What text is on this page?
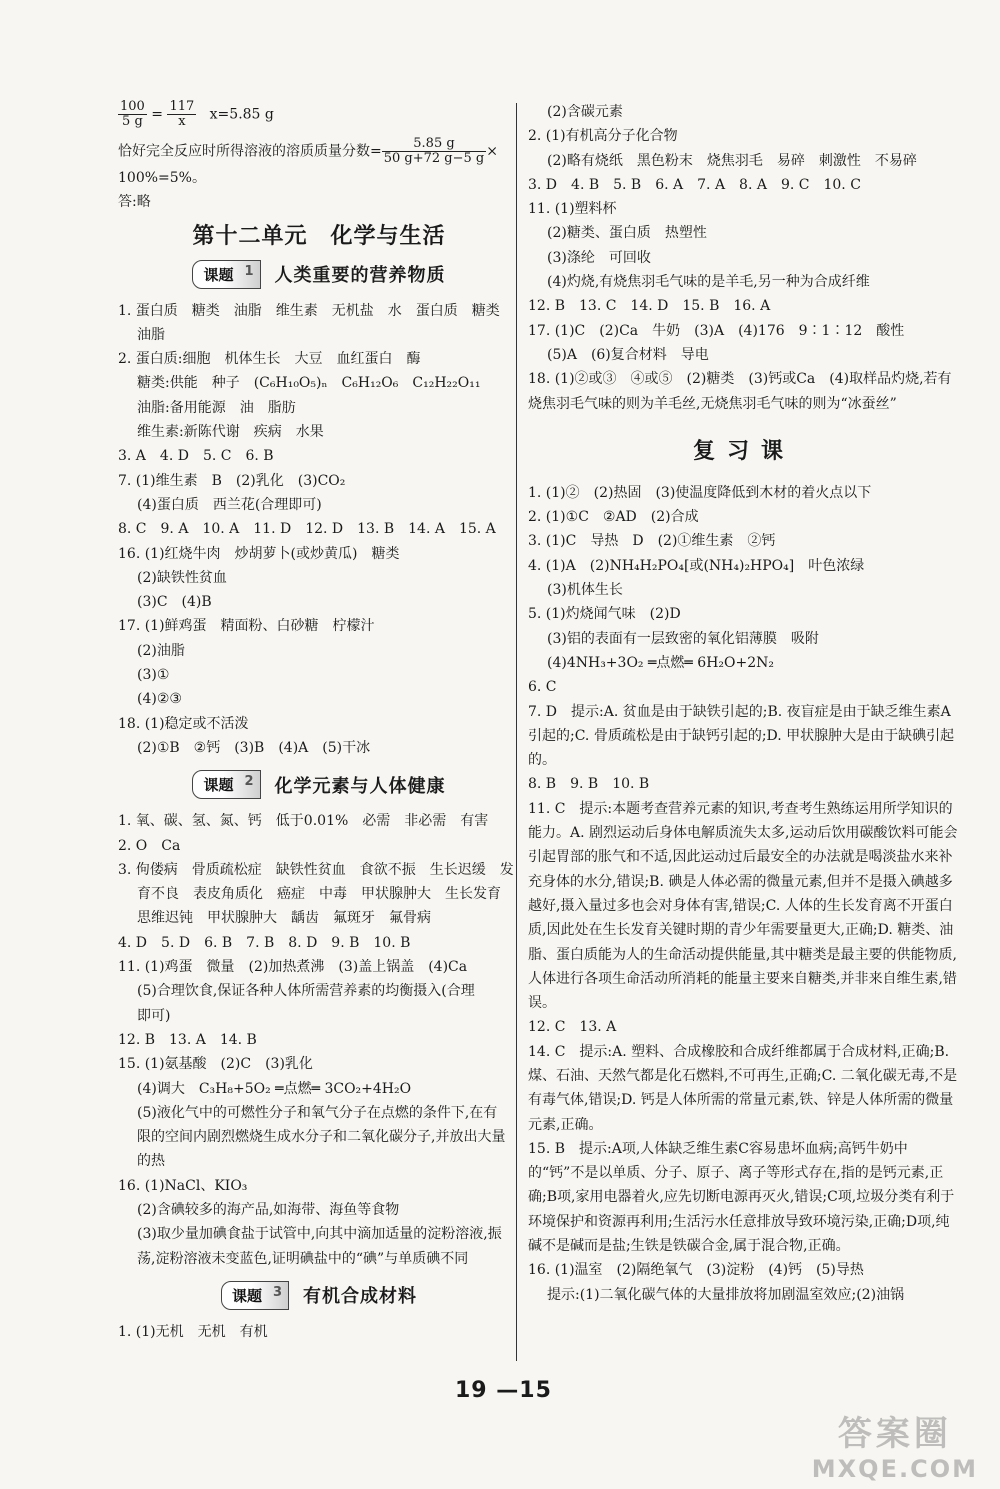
$\frac{100}{5 g} = \frac{117}{x} x=5.85$ g
恰好完全反应时所得溶液的溶质质量分数= $\frac{5.85 g}{50 g+72 g-5 g}$ ×
100%=5%。
答:略
第十二单元　化学与生活
课题 1 人类重要的营养物质
1. 蛋白质　糖类　油脂　维生素　无机盐　水　蛋白质　糖类
油脂
2. 蛋白质:细胞　机体生长　大豆　血红蛋白　酶
糖类:供能　种子　(C₆H₁₀O₅)ₙ　C₆H₁₂O₆　C₁₂H₂₂O₁₁
油脂:备用能源　油　脂肪
维生素:新陈代谢　疾病　水果
3. A　4. D　5. C　6. B
7. (1)维生素　B　(2)乳化　(3)CO₂
(4)蛋白质　西兰花(合理即可)
8. C　9. A　10. A　11. D　12. D　13. B　14. A　15. A
16. (1)红烧牛肉　炒胡萝卜(或炒黄瓜)　糖类
(2)缺铁性贫血
(3)C　(4)B
17. (1)鲜鸡蛋　精面粉、白砂糖　柠檬汁
(2)油脂
(3)①
(4)②③
18. (1)稳定或不活泼
(2)①B　②钙　(3)B　(4)A　(5)干冰
课题 2 化学元素与人体健康
1. 氧、碳、氢、氮、钙　低于0.01%　必需　非必需　有害
2. O　Ca
3. 佝偻病　骨质疏松症　缺铁性贫血　食欲不振　生长迟缓　发
育不良　表皮角质化　癌症　中毒　甲状腺肿大　生长发育
思维迟钝　甲状腺肿大　龋齿　氟斑牙　氟骨病
4. D　5. D　6. B　7. B　8. D　9. B　10. B
11. (1)鸡蛋　微量　(2)加热煮沸　(3)盖上锅盖　(4)Ca
(5)合理饮食,保证各种人体所需营养素的均衡摄入(合理
即可)
12. B　13. A　14. B
15. (1)氨基酸　(2)C　(3)乳化
(4)调大　C₃H₈+5O₂ ═点燃═ 3CO₂+4H₂O
(5)液化气中的可燃性分子和氧气分子在点燃的条件下,在有
限的空间内剧烈燃烧生成水分子和二氧化碳分子,并放出大量
的热
16. (1)NaCl、KIO₃
(2)含碘较多的海产品,如海带、海鱼等食物
(3)取少量加碘食盐于试管中,向其中滴加适量的淀粉溶液,振
荡,淀粉溶液未变蓝色,证明碘盐中的“碘”与单质碘不同
课题 3 有机合成材料
1. (1)无机　无机　有机
(2)含碳元素
2. (1)有机高分子化合物
(2)略有烧纸　黑色粉末　烧焦羽毛　易碎　刺激性　不易碎
3. D　4. B　5. B　6. A　7. A　8. A　9. C　10. C
11. (1)塑料杯
(2)糖类、蛋白质　热塑性
(3)涤纶　可回收
(4)灼烧,有烧焦羽毛气味的是羊毛,另一种为合成纤维
12. B　13. C　14. D　15. B　16. A
17. (1)C　(2)Ca　牛奶　(3)A　(4)176　9∶1∶12　酸性
(5)A　(6)复合材料　导电
18. (1)②或③　④或⑤　(2)糖类　(3)钙或Ca　(4)取样品灼烧,若有烧焦羽毛气味的则为羊毛丝,无烧焦羽毛气味的则为“冰蚕丝”
复习课
1. (1)②　(2)热固　(3)使温度降低到木材的着火点以下
2. (1)①C　②AD　(2)合成
3. (1)C　导热　D　(2)①维生素　②钙
4. (1)A　(2)NH₄H₂PO₄[或(NH₄)₂HPO₄]　叶色浓绿
(3)机体生长
5. (1)灼烧闻气味　(2)D
(3)铝的表面有一层致密的氧化铝薄膜　吸附
(4)4NH₃+3O₂ ═点燃═ 6H₂O+2N₂
6. C
7. D　提示:A. 贫血是由于缺铁引起的;B. 夜盲症是由于缺乏维生素A引起的;C. 骨质疏松是由于缺钙引起的;D. 甲状腺肿大是由于缺碘引起的。
8. B　9. B　10. B
11. C　提示:本题考查营养元素的知识,考查考生熟练运用所学知识的能力。A. 剧烈运动后身体电解质流失太多,运动后饮用碳酸饮料可能会引起胃部的胀气和不适,因此运动过后最安全的办法就是喝淡盐水来补充身体的水分,错误;B. 碘是人体必需的微量元素,但并不是摄入碘越多越好,摄入量过多也会对身体有害,错误;C. 人体的生长发育离不开蛋白质,因此处在生长发育关键时期的青少年需要量更大,正确;D. 糖类、油脂、蛋白质能为人的生命活动提供能量,其中糖类是最主要的供能物质,人体进行各项生命活动所消耗的能量主要来自糖类,并非来自维生素,错误。
12. C　13. A
14. C　提示:A. 塑料、合成橡胶和合成纤维都属于合成材料,正确;B. 煤、石油、天然气都是化石燃料,不可再生,正确;C. 二氧化碳无毒,不是有毒气体,错误;D. 钙是人体所需的常量元素,铁、锌是人体所需的微量元素,正确。
15. B　提示:A项,人体缺乏维生素C容易患坏血病;高钙牛奶中的“钙”不是以单质、分子、原子、离子等形式存在,指的是钙元素,正确;B项,家用电器着火,应先切断电源再灭火,错误;C项,垃圾分类有利于环境保护和资源再利用;生活污水任意排放导致环境污染,正确;D项,纯碱不是碱而是盐;生铁是铁碳合金,属于混合物,正确。
16. (1)温室　(2)隔绝氧气　(3)淀粉　(4)钙　(5)导热
提示:(1)二氧化碳气体的大量排放将加剧温室效应;(2)油锅
19 —15
答案圈
MXQE.COM
